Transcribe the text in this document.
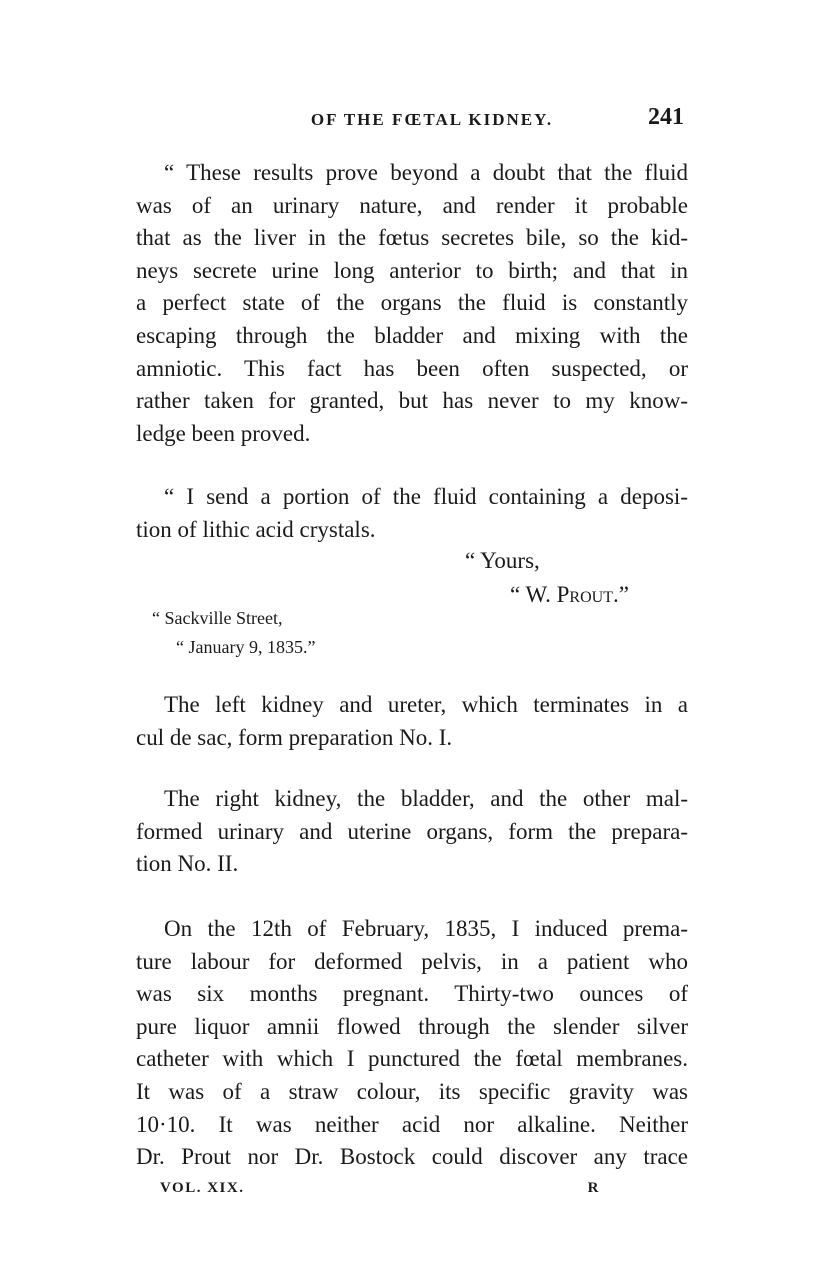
OF THE FŒTAL KIDNEY.	241
“ These results prove beyond a doubt that the fluid
was of an urinary nature, and render it probable
that as the liver in the fœtus secretes bile, so the kid-
neys secrete urine long anterior to birth; and that in
a perfect state of the organs the fluid is constantly
escaping through the bladder and mixing with the
amniotic. This fact has been often suspected, or
rather taken for granted, but has never to my know-
ledge been proved.
“ I send a portion of the fluid containing a deposi-
tion of lithic acid crystals.
“ Yours,
“ W. Prout.”
“ Sackville Street,
“ January 9, 1835.”
The left kidney and ureter, which terminates in a
cul de sac, form preparation No. I.
The right kidney, the bladder, and the other mal-
formed urinary and uterine organs, form the prepara-
tion No. II.
On the 12th of February, 1835, I induced prema-
ture labour for deformed pelvis, in a patient who
was six months pregnant. Thirty-two ounces of
pure liquor amnii flowed through the slender silver
catheter with which I punctured the fœtal membranes.
It was of a straw colour, its specific gravity was
10·10. It was neither acid nor alkaline. Neither
Dr. Prout nor Dr. Bostock could discover any trace
VOL. XIX.	R
